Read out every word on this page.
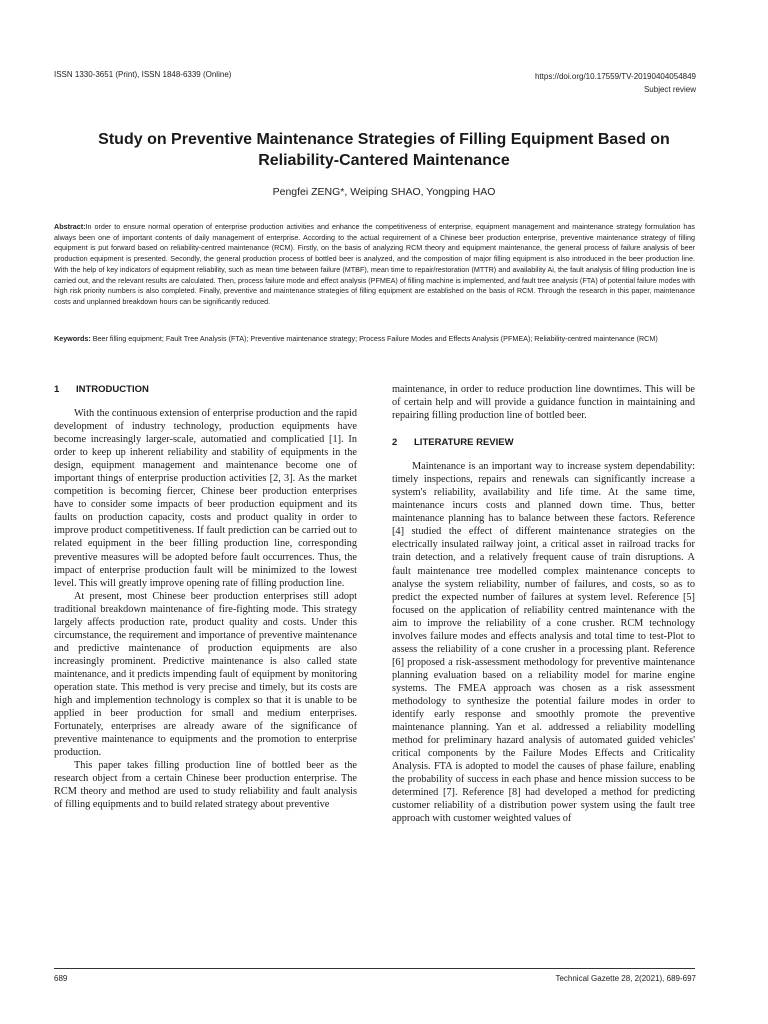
ISSN 1330-3651 (Print), ISSN 1848-6339 (Online)	https://doi.org/10.17559/TV-20190404054849
Subject review
Study on Preventive Maintenance Strategies of Filling Equipment Based on
Reliability-Cantered Maintenance
Pengfei ZENG*, Weiping SHAO, Yongping HAO
Abstract:In order to ensure normal operation of enterprise production activities and enhance the competitiveness of enterprise, equipment management and maintenance strategy formulation has always been one of important contents of daily management of enterprise. According to the actual requirement of a Chinese beer production enterprise, preventive maintenance strategy of filling equipment is put forward based on reliability-centred maintenance (RCM). Firstly, on the basis of analyzing RCM theory and equipment maintenance, the general process of failure analysis of beer production equipment is presented. Secondly, the general production process of bottled beer is analyzed, and the composition of major filling equipment is also introduced in the beer production line. With the help of key indicators of equipment reliability, such as mean time between failure (MTBF), mean time to repair/restoration (MTTR) and availability Ai, the fault analysis of filling production line is carried out, and the relevant results are calculated. Then, process failure mode and effect analysis (PFMEA) of filling machine is implemented, and fault tree analysis (FTA) of potential failure modes with high risk priority numbers is also completed. Finally, preventive and maintenance strategies of filling equipment are established on the basis of RCM. Through the research in this paper, maintenance costs and unplanned breakdown hours can be significantly reduced.
Keywords: Beer filling equipment; Fault Tree Analysis (FTA); Preventive maintenance strategy; Process Failure Modes and Effects Analysis (PFMEA); Reliability-centred maintenance (RCM)
1 INTRODUCTION

With the continuous extension of enterprise production and the rapid development of industry technology, production equipments have become increasingly larger-scale, automatied and complicatied [1]. In order to keep up inherent reliability and stability of equipments in the design, equipment management and maintenance become one of important things of enterprise production activities [2, 3]. As the market competition is becoming fiercer, Chinese beer production enterprises have to consider some impacts of beer production equipment and its faults on production capacity, costs and product quality in order to improve product competitiveness. If fault prediction can be carried out to related equipment in the beer filling production line, corresponding preventive measures will be adopted before fault occurrences. Thus, the impact of enterprise production fault will be minimized to the lowest level. This will greatly improve opening rate of filling production line.

At present, most Chinese beer production enterprises still adopt traditional breakdown maintenance of fire-fighting mode. This strategy largely affects production rate, product quality and costs. Under this circumstance, the requirement and importance of preventive maintenance and predictive maintenance of production equipments are also increasingly prominent. Predictive maintenance is also called state maintenance, and it predicts impending fault of equipment by monitoring operation state. This method is very precise and timely, but its costs are high and implemention technology is complex so that it is unable to be applied in beer production for small and medium enterprises. Fortunately, enterprises are already aware of the significance of preventive maintenance to equipments and the promotion to enterprise production.

This paper takes filling production line of bottled beer as the research object from a certain Chinese beer production enterprise. The RCM theory and method are used to study reliability and fault analysis of filling equipments and to build related strategy about preventive

maintenance, in order to reduce production line downtimes. This will be of certain help and will provide a guidance function in maintaining and repairing filling production line of bottled beer.

2 LITERATURE REVIEW

Maintenance is an important way to increase system dependability: timely inspections, repairs and renewals can significantly increase a system's reliability, availability and life time. At the same time, maintenance incurs costs and planned down time. Thus, better maintenance planning has to balance between these factors. Reference [4] studied the effect of different maintenance strategies on the electrically insulated railway joint, a critical asset in railroad tracks for train detection, and a relatively frequent cause of train disruptions. A fault maintenance tree modelled complex maintenance concepts to analyse the system reliability, number of failures, and costs, so as to predict the expected number of failures at system level. Reference [5] focused on the application of reliability centred maintenance with the aim to improve the reliability of a cone crusher. RCM technology involves failure modes and effects analysis and total time to test-Plot to assess the reliability of a cone crusher in a processing plant. Reference [6] proposed a risk-assessment methodology for preventive maintenance planning evaluation based on a reliability model for marine engine systems. The FMEA approach was chosen as a risk assessment methodology to synthesize the potential failure modes in order to identify early response and smoothly promote the preventive maintenance planning. Yan et al. addressed a reliability modelling method for preliminary hazard analysis of automated guided vehicles' critical components by the Failure Modes Effects and Criticality Analysis. FTA is adopted to model the causes of phase failure, enabling the probability of success in each phase and hence mission success to be determined [7]. Reference [8] had developed a method for predicting customer reliability of a distribution power system using the fault tree approach with customer weighted values of

689	Technical Gazette 28, 2(2021), 689-697
